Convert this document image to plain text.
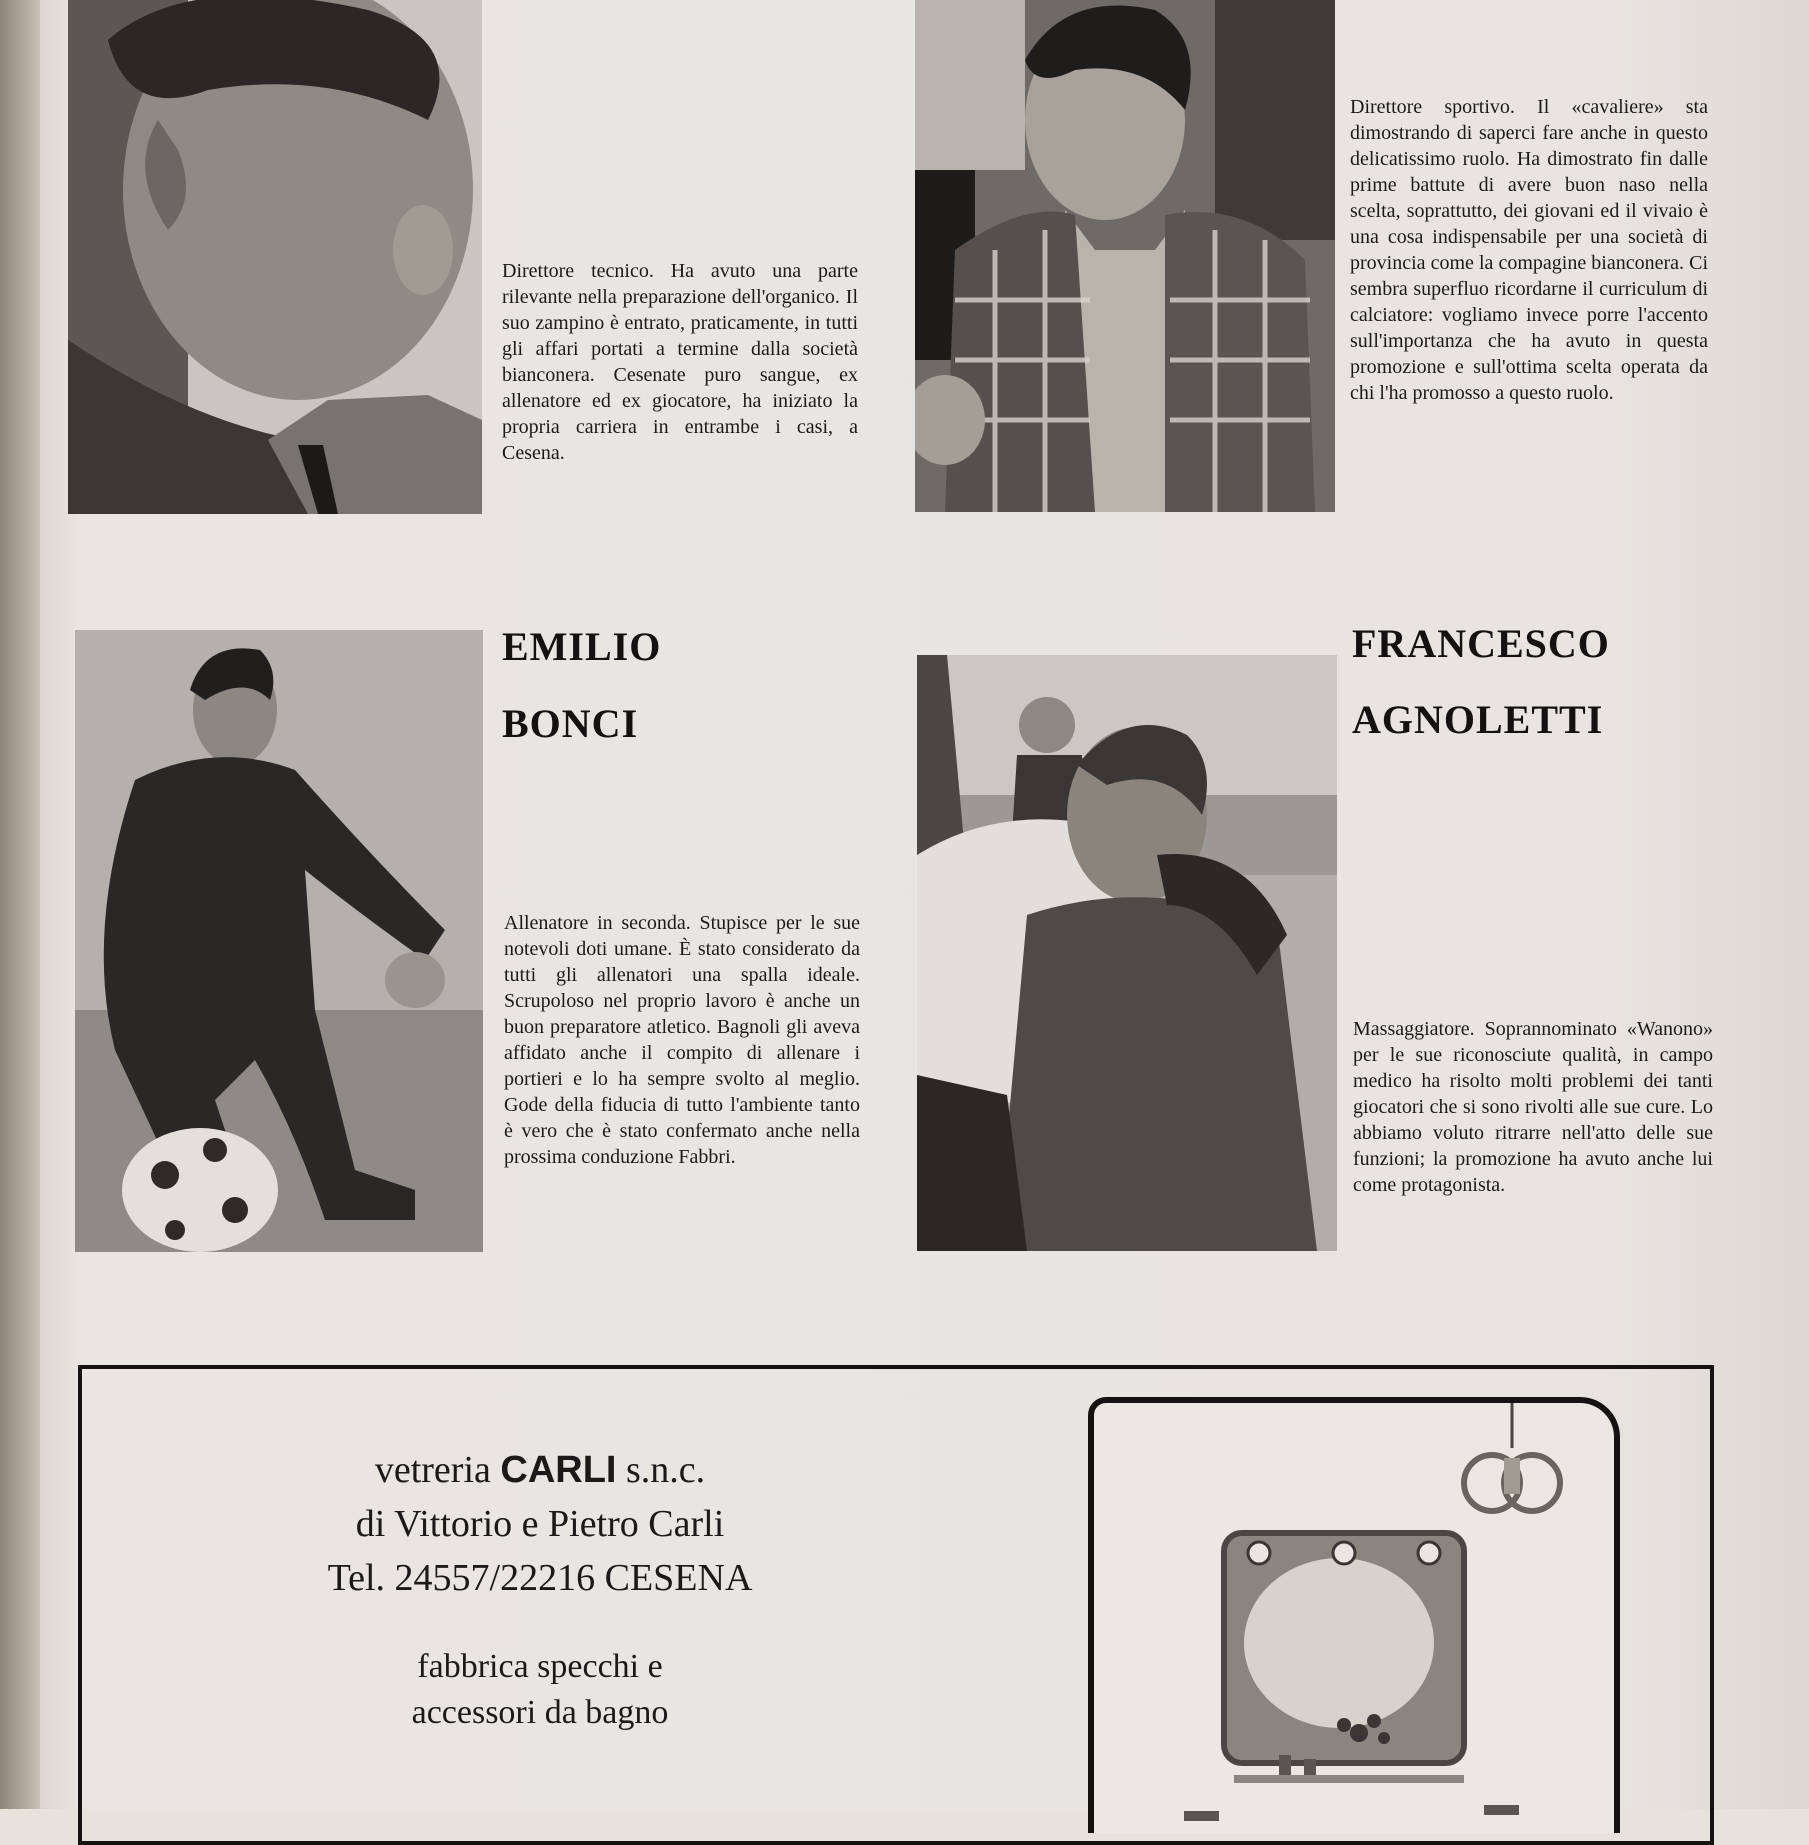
Direttore tecnico. Ha avuto una parte rilevante nella preparazione dell'organico. Il suo zampino è entrato, praticamente, in tutti gli affari portati a termine dalla società bianconera. Cesenate puro sangue, ex allenatore ed ex giocatore, ha iniziato la propria carriera in entrambe i casi, a Cesena.
Direttore sportivo. Il «cavaliere» sta dimostrando di saperci fare anche in questo delicatissimo ruolo. Ha dimostrato fin dalle prime battute di avere buon naso nella scelta, soprattutto, dei giovani ed il vivaio è una cosa indispensabile per una società di provincia come la compagine bianconera. Ci sembra superfluo ricordarne il curriculum di calciatore: vogliamo invece porre l'accento sull'importanza che ha avuto in questa promozione e sull'ottima scelta operata da chi l'ha promosso a questo ruolo.
EMILIO
BONCI
Allenatore in seconda. Stupisce per le sue notevoli doti umane. È stato considerato da tutti gli allenatori una spalla ideale. Scrupoloso nel proprio lavoro è anche un buon preparatore atletico. Bagnoli gli aveva affidato anche il compito di allenare i portieri e lo ha sempre svolto al meglio. Gode della fiducia di tutto l'ambiente tanto è vero che è stato confermato anche nella prossima conduzione Fabbri.
FRANCESCO
AGNOLETTI
Massaggiatore. Soprannominato «Wanono» per le sue riconosciute qualità, in campo medico ha risolto molti problemi dei tanti giocatori che si sono rivolti alle sue cure. Lo abbiamo voluto ritrarre nell'atto delle sue funzioni; la promozione ha avuto anche lui come protagonista.
vetreria CARLI s.n.c.
di Vittorio e Pietro Carli
Tel. 24557/22216 CESENA
fabbrica specchi e
accessori da bagno
